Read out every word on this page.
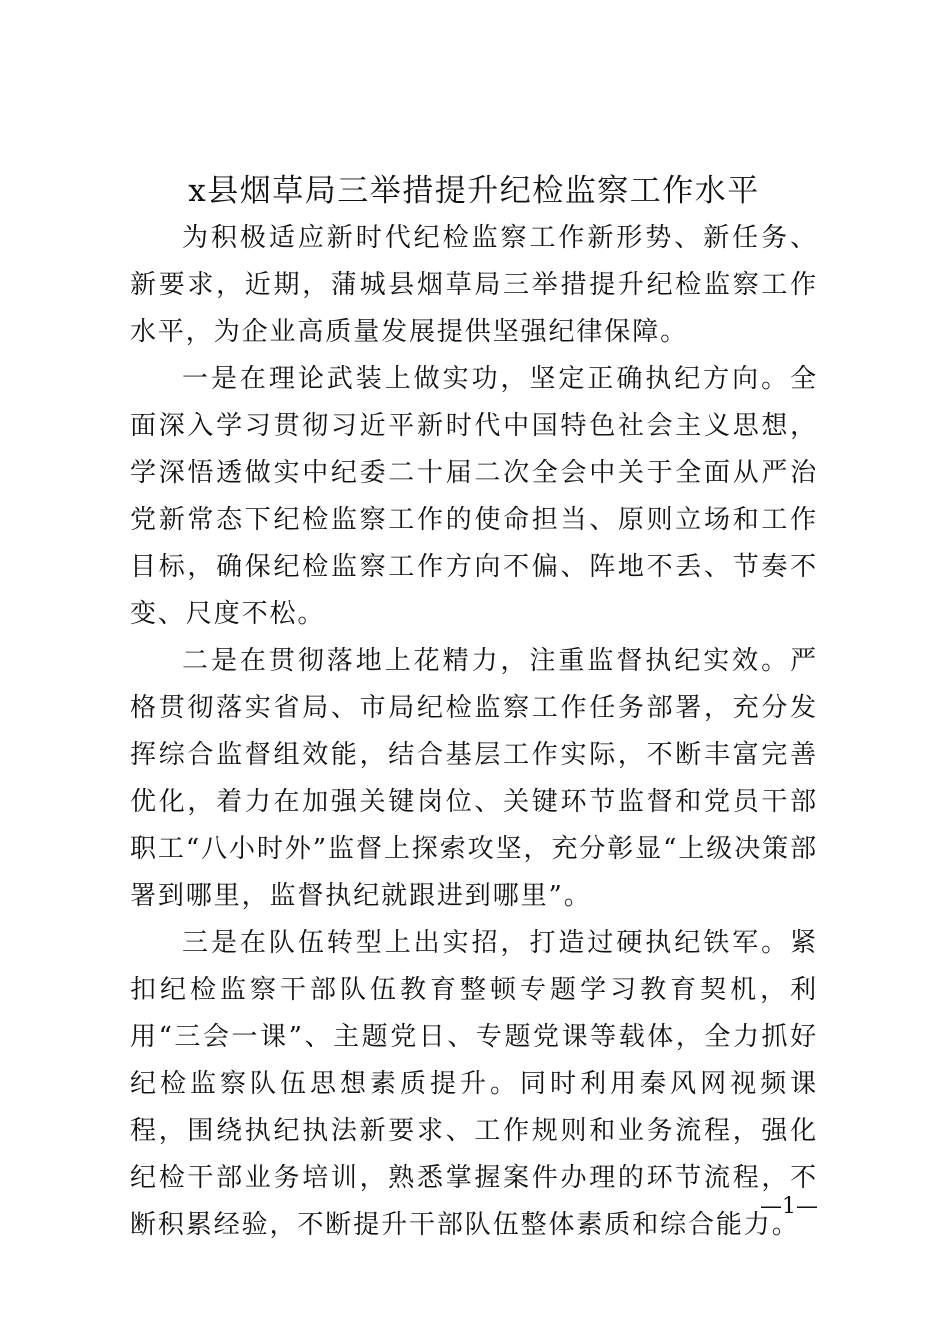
x县烟草局三举措提升纪检监察工作水平

为积极适应新时代纪检监察工作新形势、新任务、新要求，近期，蒲城县烟草局三举措提升纪检监察工作水平，为企业高质量发展提供坚强纪律保障。

一是在理论武装上做实功，坚定正确执纪方向。全面深入学习贯彻习近平新时代中国特色社会主义思想，学深悟透做实中纪委二十届二次全会中关于全面从严治党新常态下纪检监察工作的使命担当、原则立场和工作目标，确保纪检监察工作方向不偏、阵地不丢、节奏不变、尺度不松。

二是在贯彻落地上花精力，注重监督执纪实效。严格贯彻落实省局、市局纪检监察工作任务部署，充分发挥综合监督组效能，结合基层工作实际，不断丰富完善优化，着力在加强关键岗位、关键环节监督和党员干部职工“八小时外”监督上探索攻坚，充分彰显“上级决策部署到哪里，监督执纪就跟进到哪里”。

三是在队伍转型上出实招，打造过硬执纪铁军。紧扣纪检监察干部队伍教育整顿专题学习教育契机，利用“三会一课”、主题党日、专题党课等载体，全力抓好纪检监察队伍思想素质提升。同时利用秦风网视频课程，围绕执纪执法新要求、工作规则和业务流程，强化纪检干部业务培训，熟悉掌握案件办理的环节流程，不断积累经验，不断提升干部队伍整体素质和综合能力。

—1—
